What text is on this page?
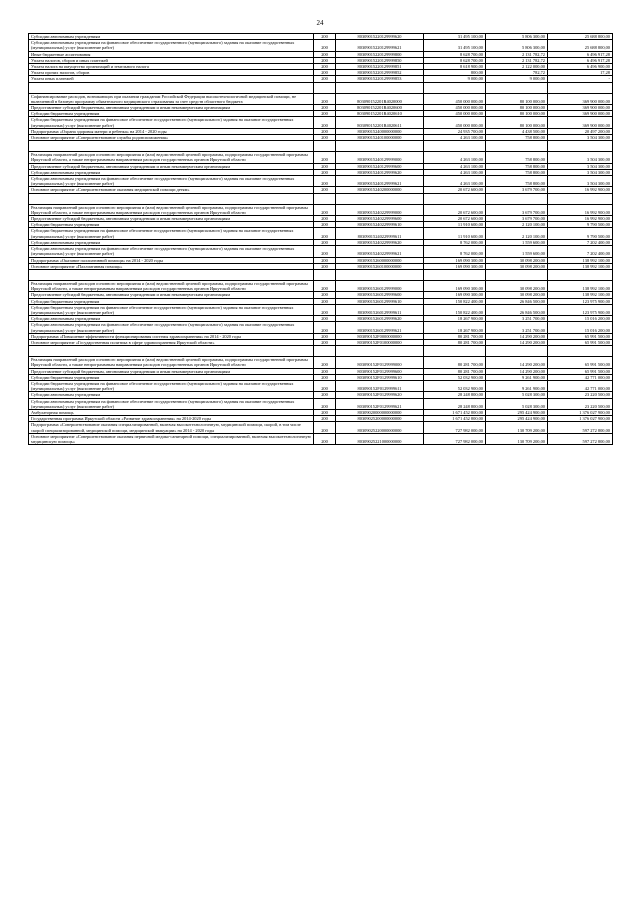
24
Субсидии автономным учреждениям	200	80309015220129999620	31 495 100,00	5 806 300,00	25 688 800,00
Субсидии автономным учреждениям на финансовое обеспечение государственного (муниципального) задания на оказание государственных (муниципальных) услуг (выполнение работ)	200	80309015220129999621	31 495 100,00	5 806 300,00	25 688 800,00
Иные бюджетные ассигнования	200	80309015220129999800	8 628 700,00	2 131 782,72	6 496 917,28
Уплата налогов, сборов и иных платежей	200	80309015220129999850	8 628 700,00	2 131 782,72	6 496 917,28
Уплата налога на имущество организаций и земельного налога	200	80309015220129999851	8 618 900,00	2 122 000,00	6 496 900,00
Уплата прочих налогов, сборов	200	80309015220129999852	800,00	782,72	17,28
Уплата иных платежей	200	80309015220129999853	9 000,00	9 000,00	-

Софинансирование расходов, возникающих при оказании гражданам Российской Федерации высокотехнологичной медицинской помощи, не включенной в базовую программу обязательного медицинского страхования за счет средств областного бюджета	200	803090152201R4020000	450 000 000,00	80 100 000,00	369 900 000,00
Предоставление субсидий бюджетным, автономным учреждениям и иным некоммерческим организациям	200	803090152201R4020600	450 000 000,00	80 100 000,00	369 900 000,00
Субсидии бюджетным учреждениям	200	803090152201R4020610	450 000 000,00	80 100 000,00	369 900 000,00
Субсидии бюджетным учреждениям на финансовое обеспечение государственного (муниципального) задания на оказание государственных (муниципальных) услуг (выполнение работ)	200	803090152201R4020611	450 000 000,00	80 100 000,00	369 900 000,00
Подпрограмма «Охрана здоровья матери и ребенка» на 2014 - 2020 годы	200	80309015240000000000	24 935 700,00	4 438 500,00	20 497 200,00
Основное мероприятие «Совершенствование службы родовспоможения»	200	80309015240100000000	4 263 100,00	758 800,00	3 504 300,00

Реализация направлений расходов основного мероприятия и (или) ведомственной целевой программы, подпрограммы государственной программы Иркутской области, а также непрограммным направлениям расходов государственных органов Иркутской области	200	80309015240129999000	4 263 100,00	758 800,00	3 504 300,00
Предоставление субсидий бюджетным, автономным учреждениям и иным некоммерческим организациям	200	80309015240129999600	4 263 100,00	758 800,00	3 504 300,00
Субсидии автономным учреждениям	200	80309015240129999620	4 263 100,00	758 800,00	3 504 300,00
Субсидии автономным учреждениям на финансовое обеспечение государственного (муниципального) задания на оказание государственных (муниципальных) услуг (выполнение работ)	200	80309015240129999621	4 263 100,00	758 800,00	3 504 300,00
Основное мероприятие «Совершенствование оказания медицинской помощи детям»	200	80309015240200000000	20 672 600,00	3 679 700,00	16 992 900,00

Реализация направлений расходов основного мероприятия и (или) ведомственной целевой программы, подпрограммы государственной программы Иркутской области, а также непрограммным направлениям расходов государственных органов Иркутской области	200	80309015240229999000	20 672 600,00	3 679 700,00	16 992 900,00
Предоставление субсидий бюджетным, автономным учреждениям и иным некоммерческим организациям	200	80309015240229999600	20 672 600,00	3 679 700,00	16 992 900,00
Субсидии бюджетным учреждениям	200	80309015240229999610	11 910 600,00	2 120 100,00	9 790 500,00
Субсидии бюджетным учреждениям на финансовое обеспечение государственного (муниципального) задания на оказание государственных (муниципальных) услуг (выполнение работ)	200	80309015240229999611	11 910 600,00	2 120 100,00	9 790 500,00
Субсидии автономным учреждениям	200	80309015240229999620	8 762 000,00	1 559 600,00	7 202 400,00
Субсидии автономным учреждениям на финансовое обеспечение государственного (муниципального) задания на оказание государственных (муниципальных) услуг (выполнение работ)	200	80309015240229999621	8 762 000,00	1 559 600,00	7 202 400,00
Подпрограмма «Оказание паллиативной помощи» на 2014 - 2020 годы	200	80309015260000000000	169 090 300,00	30 098 200,00	138 992 100,00
Основное мероприятие «Паллиативная помощь»	200	80309015260100000000	169 090 300,00	30 098 200,00	138 992 100,00

Реализация направлений расходов основного мероприятия и (или) ведомственной целевой программы, подпрограммы государственной программы Иркутской области, а также непрограммным направлениям расходов государственных органов Иркутской области	200	80309015260129999000	169 090 300,00	30 098 200,00	138 992 100,00
Предоставление субсидий бюджетным, автономным учреждениям и иным некоммерческим организациям	200	80309015260129999600	169 090 300,00	30 098 200,00	138 992 100,00
Субсидии бюджетным учреждениям	200	80309015260129999610	150 822 400,00	26 846 500,00	123 975 900,00
Субсидии бюджетным учреждениям на финансовое обеспечение государственного (муниципального) задания на оказание государственных (муниципальных) услуг (выполнение работ)	200	80309015260129999611	150 822 400,00	26 846 500,00	123 975 900,00
Субсидии автономным учреждениям	200	80309015260129999620	18 267 900,00	3 251 700,00	15 016 200,00
Субсидии автономным учреждениям на финансовое обеспечение государственного (муниципального) задания на оказание государственных (муниципальных) услуг (выполнение работ)	200	80309015260129999621	18 267 900,00	3 251 700,00	15 016 200,00
Подпрограмма «Повышение эффективности функционирования системы здравоохранения» на 2014 - 2020 годы	200	803090152F0000000000	80 281 700,00	14 290 200,00	65 991 500,00
Основное мероприятие «Государственная политика в сфере здравоохранения Иркутской области»	200	803090152F0100000000	80 281 700,00	14 290 200,00	65 991 500,00

Реализация направлений расходов основного мероприятия и (или) ведомственной целевой программы, подпрограммы государственной программы Иркутской области, а также непрограммным направлениям расходов государственных органов Иркутской области	200	803090152F0129999000	80 281 700,00	14 290 200,00	65 991 500,00
Предоставление субсидий бюджетным, автономным учреждениям и иным некоммерческим организациям	200	803090152F0129999600	80 281 700,00	14 290 200,00	65 991 500,00
Субсидии бюджетным учреждениям	200	803090152F0129999610	52 032 900,00	9 261 900,00	42 771 000,00
Субсидии бюджетным учреждениям на финансовое обеспечение государственного (муниципального) задания на оказание государственных (муниципальных) услуг (выполнение работ)	200	803090152F0129999611	52 032 900,00	9 261 900,00	42 771 000,00
Субсидии автономным учреждениям	200	803090152F0129999620	28 248 800,00	5 028 300,00	23 220 500,00
Субсидии автономным учреждениям на финансовое обеспечение государственного (муниципального) задания на оказание государственных (муниципальных) услуг (выполнение работ)	200	803090152F0129999621	28 248 800,00	5 028 300,00	23 220 500,00
Амбулаторная помощь	200	80309020000000000000	1 671 452 800,00	295 424 900,00	1 376 027 900,00
Государственная программа Иркутской области «Развитие здравоохранения» на 2014-2020 годы	200	80309025200000000000	1 671 452 800,00	295 424 900,00	1 376 027 900,00
Подпрограмма «Совершенствование оказания специализированной, включая высокотехнологичную, медицинской помощи, скорой, в том числе скорой специализированной, медицинской помощи, медицинской эвакуации» на 2014 - 2020 годы	200	80309025220000000000	727 982 000,00	130 709 200,00	597 272 800,00
Основное мероприятие «Совершенствование оказания первичной медико-санитарной помощи, специализированной, включая высокотехнологичную медицинскую помощь»	200	80309025221000000000	727 982 000,00	130 709 200,00	597 272 800,00
